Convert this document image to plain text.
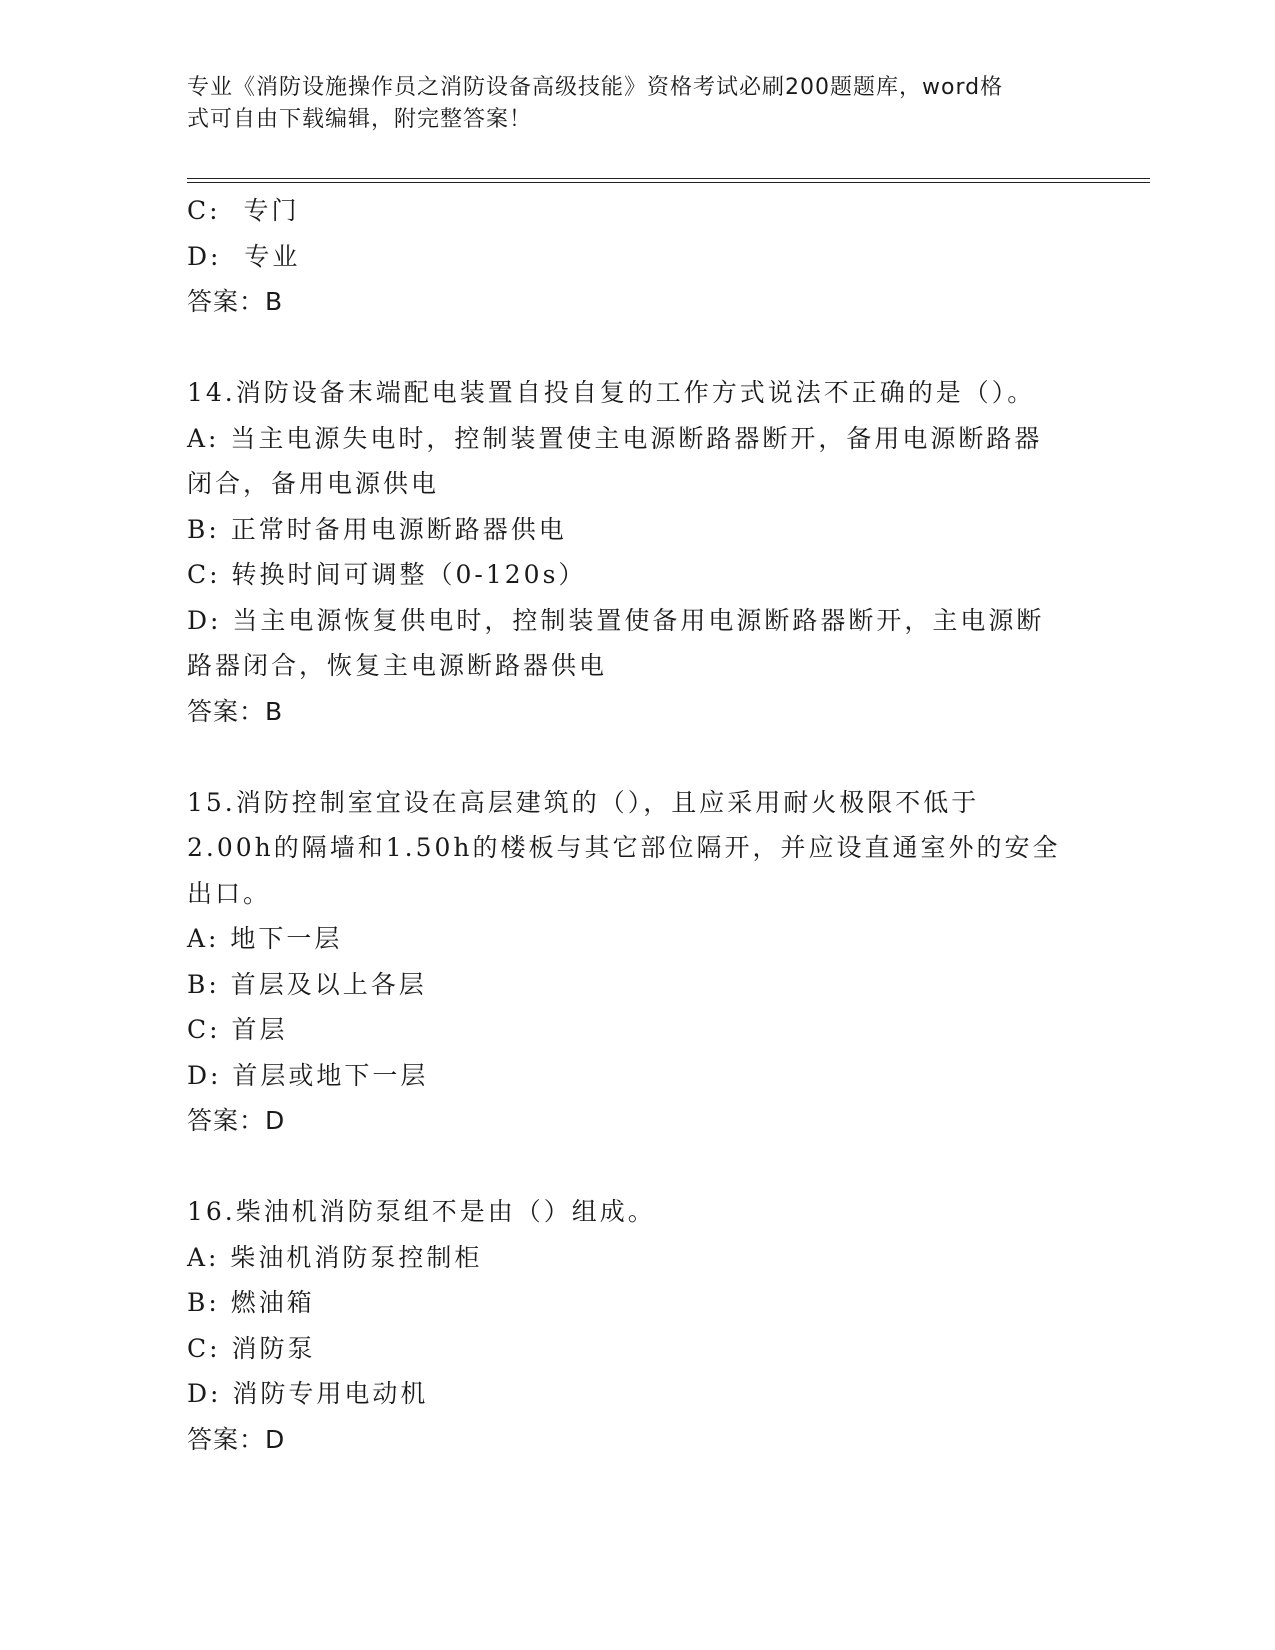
专业《消防设施操作员之消防设备高级技能》资格考试必刷200题题库，word格
式可自由下载编辑，附完整答案！
C: 专门
D: 专业
答案：B
14.消防设备末端配电装置自投自复的工作方式说法不正确的是（）。
A: 当主电源失电时，控制装置使主电源断路器断开，备用电源断路器
闭合，备用电源供电
B: 正常时备用电源断路器供电
C: 转换时间可调整（0-120s）
D: 当主电源恢复供电时，控制装置使备用电源断路器断开，主电源断
路器闭合，恢复主电源断路器供电
答案：B
15.消防控制室宜设在高层建筑的（），且应采用耐火极限不低于
2.00h的隔墙和1.50h的楼板与其它部位隔开，并应设直通室外的安全
出口。
A: 地下一层
B: 首层及以上各层
C: 首层
D: 首层或地下一层
答案：D
16.柴油机消防泵组不是由（）组成。
A: 柴油机消防泵控制柜
B: 燃油箱
C: 消防泵
D: 消防专用电动机
答案：D
